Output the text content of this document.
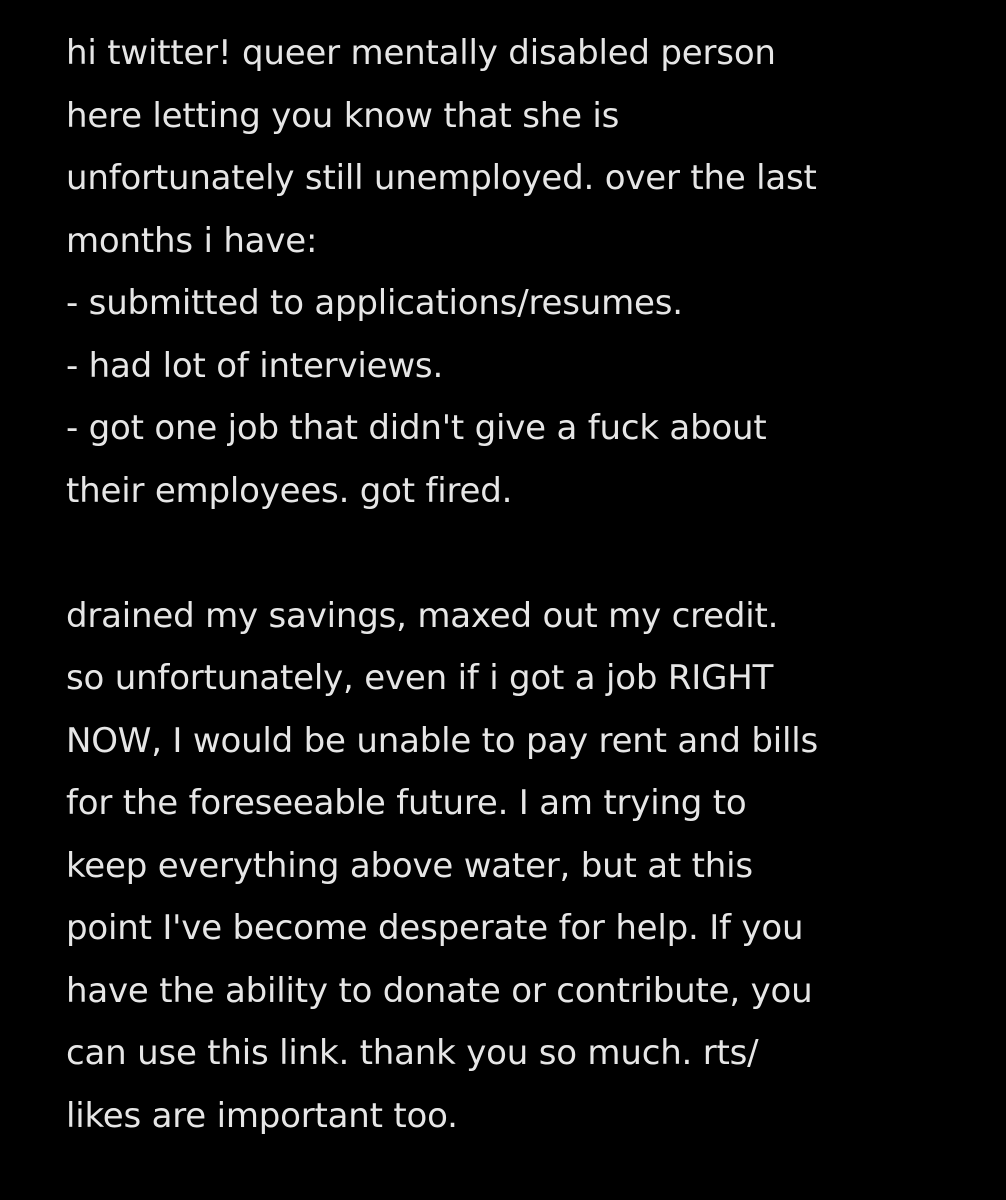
hi twitter! queer mentally disabled person
here letting you know that she is
unfortunately still unemployed. over the last
months i have:
- submitted to applications/resumes.
- had lot of interviews.
- got one job that didn't give a fuck about
their employees. got fired.
drained my savings, maxed out my credit.
so unfortunately, even if i got a job RIGHT
NOW, I would be unable to pay rent and bills
for the foreseeable future. I am trying to
keep everything above water, but at this
point I've become desperate for help. If you
have the ability to donate or contribute, you
can use this link. thank you so much. rts/
likes are important too.
